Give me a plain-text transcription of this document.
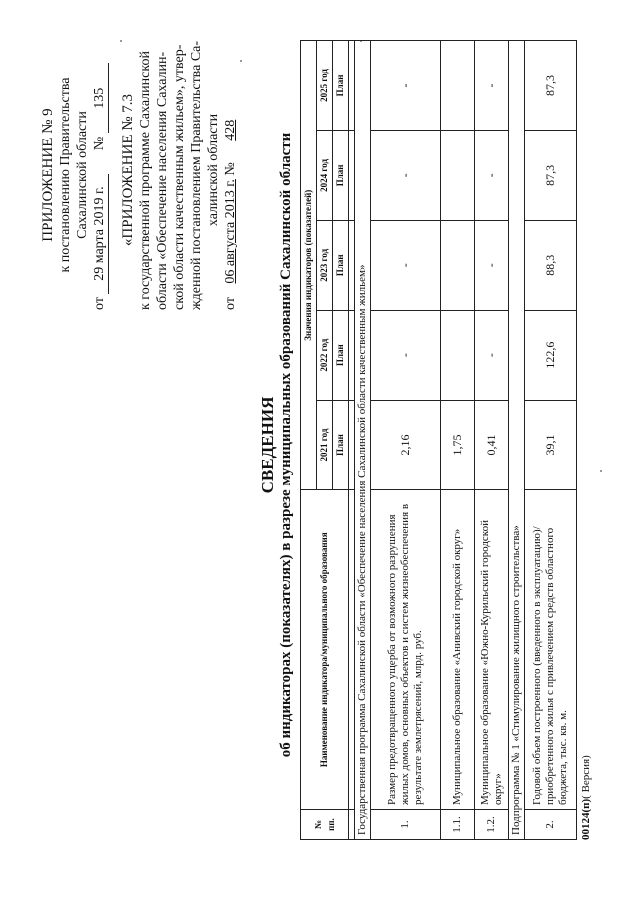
ПРИЛОЖЕНИЕ № 9 к постановлению Правительства Сахалинской области
от 29 марта 2019 г. № 135 «ПРИЛОЖЕНИЕ № 7.3 к государственной программе Сахалинской области «Обеспечение населения Сахалин- ской области качественным жильем», утвер- жденной постановлением Правительства Са- халинской области
от 06 августа 2013 г. № 428
СВЕДЕНИЯ об индикаторах (показателях) в разрезе муниципальных образований Сахалинской области
№ пп.	Наименование индикатора/муниципального образования	Значения индикаторов (показателей)				
		2021 год	2022 год	2023 год	2024 год	2025 год
		План	План	План	План	План

Государственная программа Сахалинской области «Обеспечение населения Сахалинской области качественным жильем»						
1.	Размер предотвращенного ущерба от возможного разрушения жилых домов, основных объектов и систем жизнеобеспечения в результате землетрясений, млрд. руб.	2,16	-	-	-	-
1.1.	Муниципальное образование «Анивский городской округ»	1,75				
1.2.	Муниципальное образование «Южно-Курильский городской округ»	0,41	-	-	-	-
Подпрограмма № 1 «Стимулирование жилищного строительства»						
2.	Годовой объем построенного (введенного в эксплуатацию)/приобретенного жилья с привлечением средств областного бюджета, тыс. кв. м.	39,1	122,6	88,3	87,3	87,3
00124(п)( Версия)
